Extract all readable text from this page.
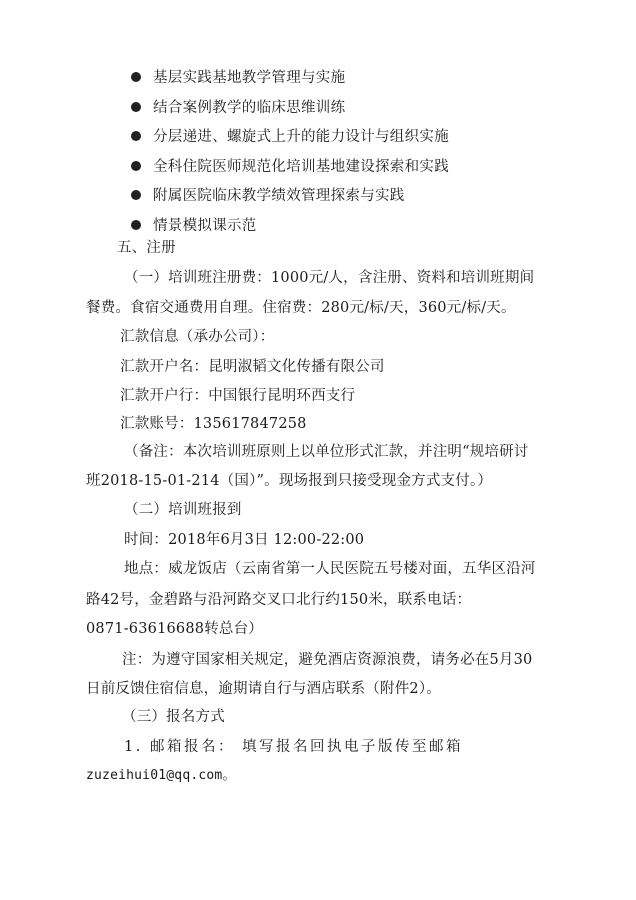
基层实践基地教学管理与实施
结合案例教学的临床思维训练
分层递进、螺旋式上升的能力设计与组织实施
全科住院医师规范化培训基地建设探索和实践
附属医院临床教学绩效管理探索与实践
情景模拟课示范
五、注册
（一）培训班注册费：1000元/人，含注册、资料和培训班期间
餐费。食宿交通费用自理。住宿费：280元/标/天，360元/标/天。
汇款信息（承办公司）：
汇款开户名：昆明淑韬文化传播有限公司
汇款开户行：中国银行昆明环西支行
汇款账号：135617847258
（备注：本次培训班原则上以单位形式汇款，并注明“规培研讨
班2018-15-01-214（国）”。现场报到只接受现金方式支付。）
（二）培训班报到
时间：2018年6月3日 12:00-22:00
地点：威龙饭店（云南省第一人民医院五号楼对面，五华区沿河
路42号，金碧路与沿河路交叉口北行约150米，联系电话：
0871-63616688转总台）
注：为遵守国家相关规定，避免酒店资源浪费，请务必在5月30
日前反馈住宿信息，逾期请自行与酒店联系（附件2）。
（三）报名方式
1. 邮箱报名： 填写报名回执电子版传至邮箱
zuzeihui01@qq.com。
